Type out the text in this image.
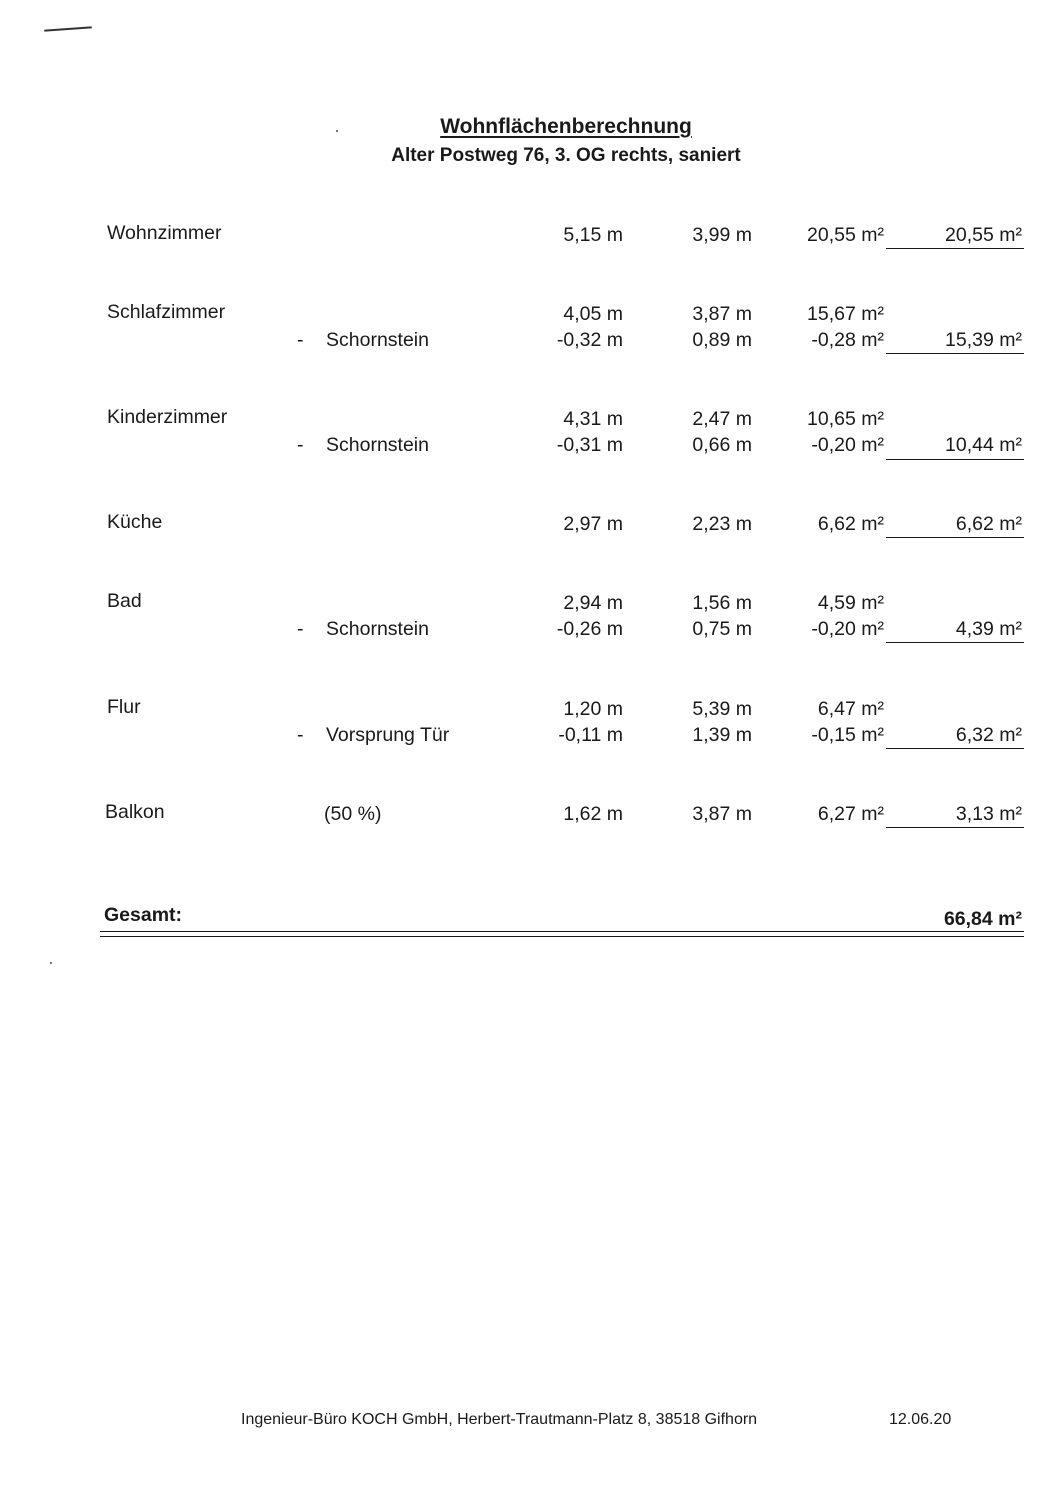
Wohnflächenberechnung
Alter Postweg 76, 3. OG rechts, saniert
Wohnzimmer	5,15 m	3,99 m	20,55 m²	20,55 m²
Schlafzimmer	4,05 m	3,87 m	15,67 m²
- Schornstein	-0,32 m	0,89 m	-0,28 m²	15,39 m²
Kinderzimmer	4,31 m	2,47 m	10,65 m²
- Schornstein	-0,31 m	0,66 m	-0,20 m²	10,44 m²
Küche	2,97 m	2,23 m	6,62 m²	6,62 m²
Bad	2,94 m	1,56 m	4,59 m²
- Schornstein	-0,26 m	0,75 m	-0,20 m²	4,39 m²
Flur	1,20 m	5,39 m	6,47 m²
- Vorsprung Tür	-0,11 m	1,39 m	-0,15 m²	6,32 m²
Balkon	(50 %)	1,62 m	3,87 m	6,27 m²	3,13 m²
Gesamt:	66,84 m²
Ingenieur-Büro KOCH GmbH, Herbert-Trautmann-Platz 8, 38518 Gifhorn	12.06.20
